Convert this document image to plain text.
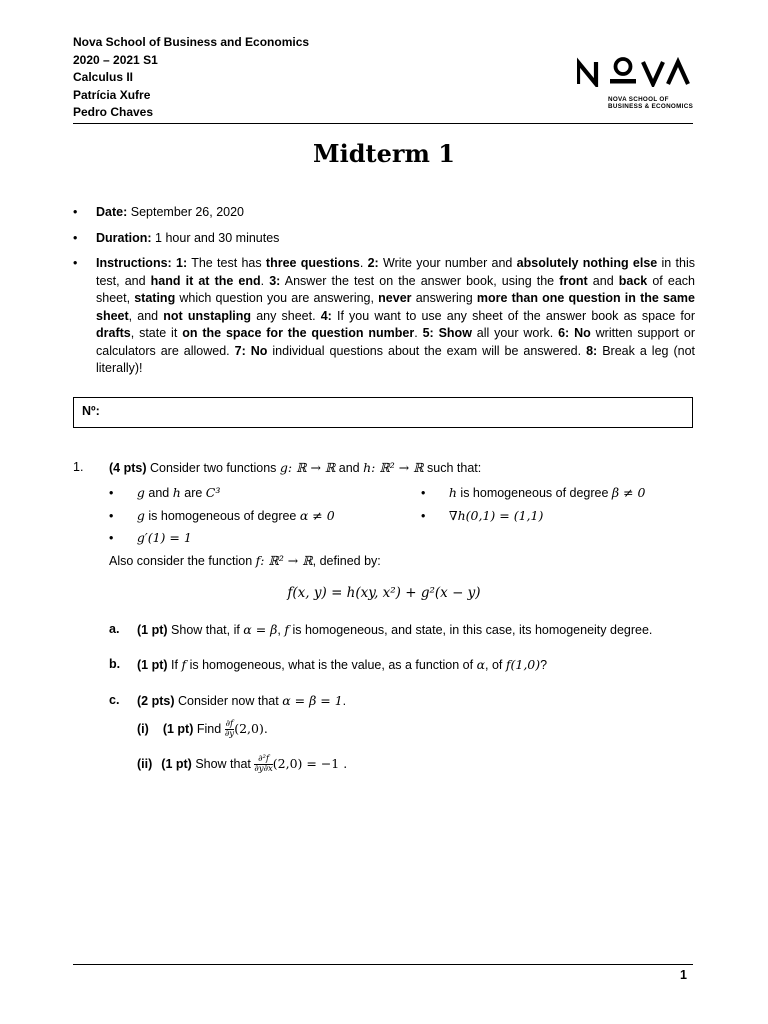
Nova School of Business and Economics
2020 – 2021 S1
Calculus II
Patrícia Xufre
Pedro Chaves
NOVA SCHOOL OF
BUSINESS & ECONOMICS
Midterm 1
• Date: September 26, 2020
• Duration: 1 hour and 30 minutes
• Instructions: 1: The test has three questions. 2: Write your number and absolutely nothing else in this test, and hand it at the end. 3: Answer the test on the answer book, using the front and back of each sheet, stating which question you are answering, never answering more than one question in the same sheet, and not unstapling any sheet. 4: If you want to use any sheet of the answer book as space for drafts, state it on the space for the question number. 5: Show all your work. 6: No written support or calculators are allowed. 7: No individual questions about the exam will be answered. 8: Break a leg (not literally)!
Nº:
1. (4 pts) Consider two functions g: ℝ → ℝ and h: ℝ² → ℝ such that:
• g and h are C³
• g is homogeneous of degree α ≠ 0
• g′(1) = 1
• h is homogeneous of degree β ≠ 0
• ∇h(0,1) = (1,1)
Also consider the function f: ℝ² → ℝ, defined by:
f(x, y) = h(xy, x²) + g²(x − y)
a. (1 pt) Show that, if α = β, f is homogeneous, and state, in this case, its homogeneity degree.
b. (1 pt) If f is homogeneous, what is the value, as a function of α, of f(1,0)?
c. (2 pts) Consider now that α = β = 1.
(i) (1 pt) Find $\frac{\partial f}{\partial y} (2,0)$.
(ii) (1 pt) Show that $\frac{\text{∂²f}}{\partial y\partial x} (2,0) = -1$ .
1
